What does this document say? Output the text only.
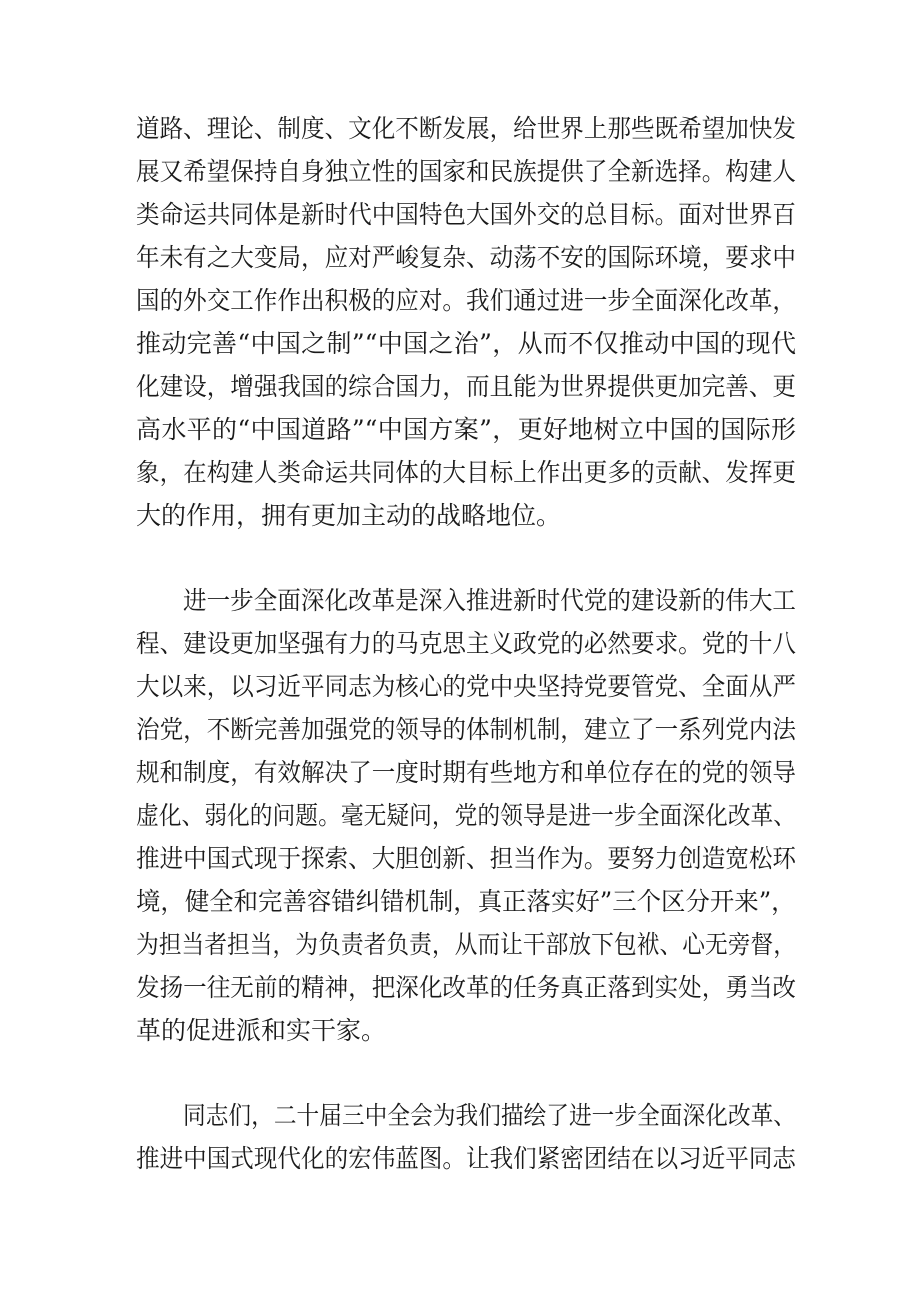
道路、理论、制度、文化不断发展，给世界上那些既希望加快发
展又希望保持自身独立性的国家和民族提供了全新选择。构建人
类命运共同体是新时代中国特色大国外交的总目标。面对世界百
年未有之大变局，应对严峻复杂、动荡不安的国际环境，要求中
国的外交工作作出积极的应对。我们通过进一步全面深化改革，
推动完善“中国之制”“中国之治”，从而不仅推动中国的现代
化建设，增强我国的综合国力，而且能为世界提供更加完善、更
高水平的“中国道路”“中国方案”，更好地树立中国的国际形
象，在构建人类命运共同体的大目标上作出更多的贡献、发挥更
大的作用，拥有更加主动的战略地位。
进一步全面深化改革是深入推进新时代党的建设新的伟大工
程、建设更加坚强有力的马克思主义政党的必然要求。党的十八
大以来，以习近平同志为核心的党中央坚持党要管党、全面从严
治党，不断完善加强党的领导的体制机制，建立了一系列党内法
规和制度，有效解决了一度时期有些地方和单位存在的党的领导
虚化、弱化的问题。毫无疑问，党的领导是进一步全面深化改革、
推进中国式现于探索、大胆创新、担当作为。要努力创造宽松环
境，健全和完善容错纠错机制，真正落实好”三个区分开来”，
为担当者担当，为负责者负责，从而让干部放下包袱、心无旁督，
发扬一往无前的精神，把深化改革的任务真正落到实处，勇当改
革的促进派和实干家。
同志们，二十届三中全会为我们描绘了进一步全面深化改革、
推进中国式现代化的宏伟蓝图。让我们紧密团结在以习近平同志
